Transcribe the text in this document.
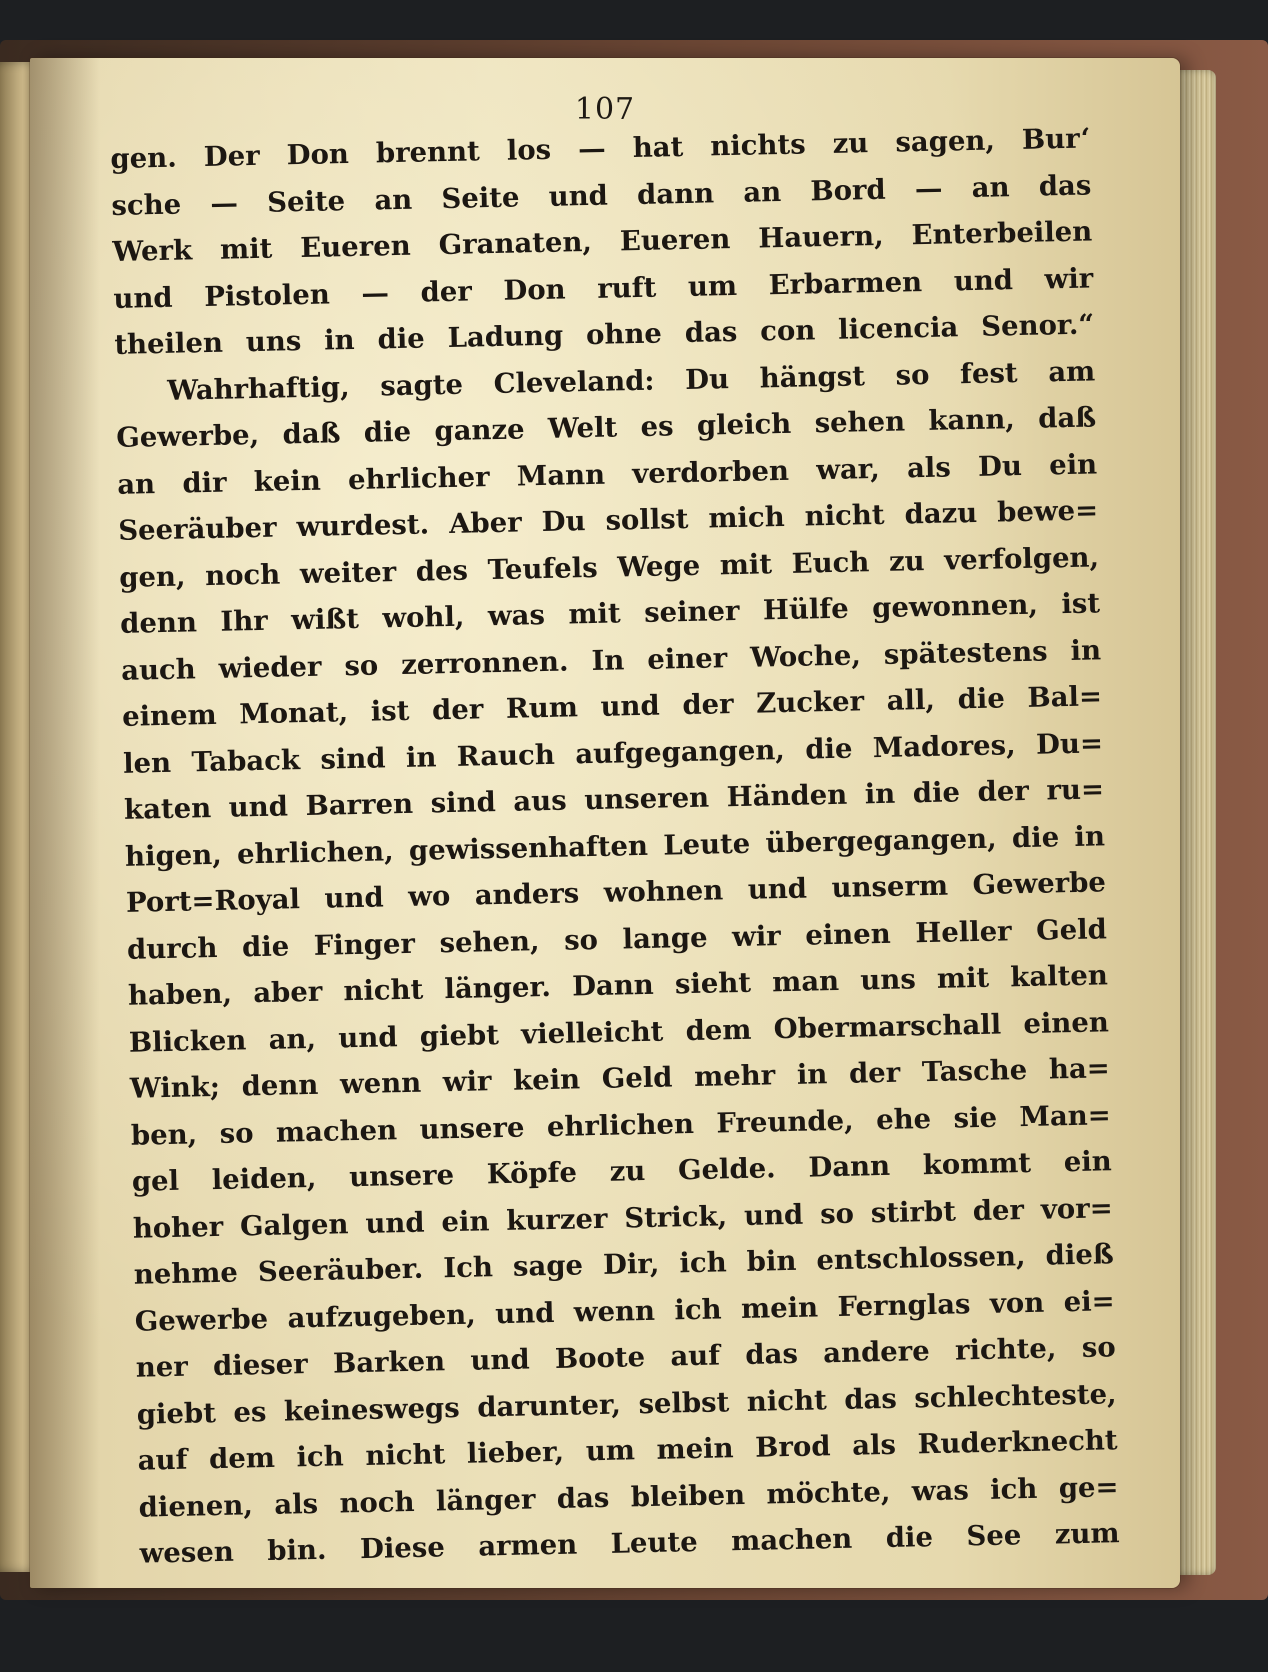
107
gen. Der Don brennt los — hat nichts zu sagen, Bur‘
sche — Seite an Seite und dann an Bord — an das
Werk mit Eueren Granaten, Eueren Hauern, Enterbeilen
und Pistolen — der Don ruft um Erbarmen und wir
theilen uns in die Ladung ohne das con licencia Senor.“
Wahrhaftig, sagte Cleveland: Du hängst so fest am
Gewerbe, daß die ganze Welt es gleich sehen kann, daß
an dir kein ehrlicher Mann verdorben war, als Du ein
Seeräuber wurdest. Aber Du sollst mich nicht dazu bewe=
gen, noch weiter des Teufels Wege mit Euch zu verfolgen,
denn Ihr wißt wohl, was mit seiner Hülfe gewonnen, ist
auch wieder so zerronnen. In einer Woche, spätestens in
einem Monat, ist der Rum und der Zucker all, die Bal=
len Taback sind in Rauch aufgegangen, die Madores, Du=
katen und Barren sind aus unseren Händen in die der ru=
higen, ehrlichen, gewissenhaften Leute übergegangen, die in
Port=Royal und wo anders wohnen und unserm Gewerbe
durch die Finger sehen, so lange wir einen Heller Geld
haben, aber nicht länger. Dann sieht man uns mit kalten
Blicken an, und giebt vielleicht dem Obermarschall einen
Wink; denn wenn wir kein Geld mehr in der Tasche ha=
ben, so machen unsere ehrlichen Freunde, ehe sie Man=
gel leiden, unsere Köpfe zu Gelde. Dann kommt ein
hoher Galgen und ein kurzer Strick, und so stirbt der vor=
nehme Seeräuber. Ich sage Dir, ich bin entschlossen, dieß
Gewerbe aufzugeben, und wenn ich mein Fernglas von ei=
ner dieser Barken und Boote auf das andere richte, so
giebt es keineswegs darunter, selbst nicht das schlechteste,
auf dem ich nicht lieber, um mein Brod als Ruderknecht
dienen, als noch länger das bleiben möchte, was ich ge=
wesen bin. Diese armen Leute machen die See zum
